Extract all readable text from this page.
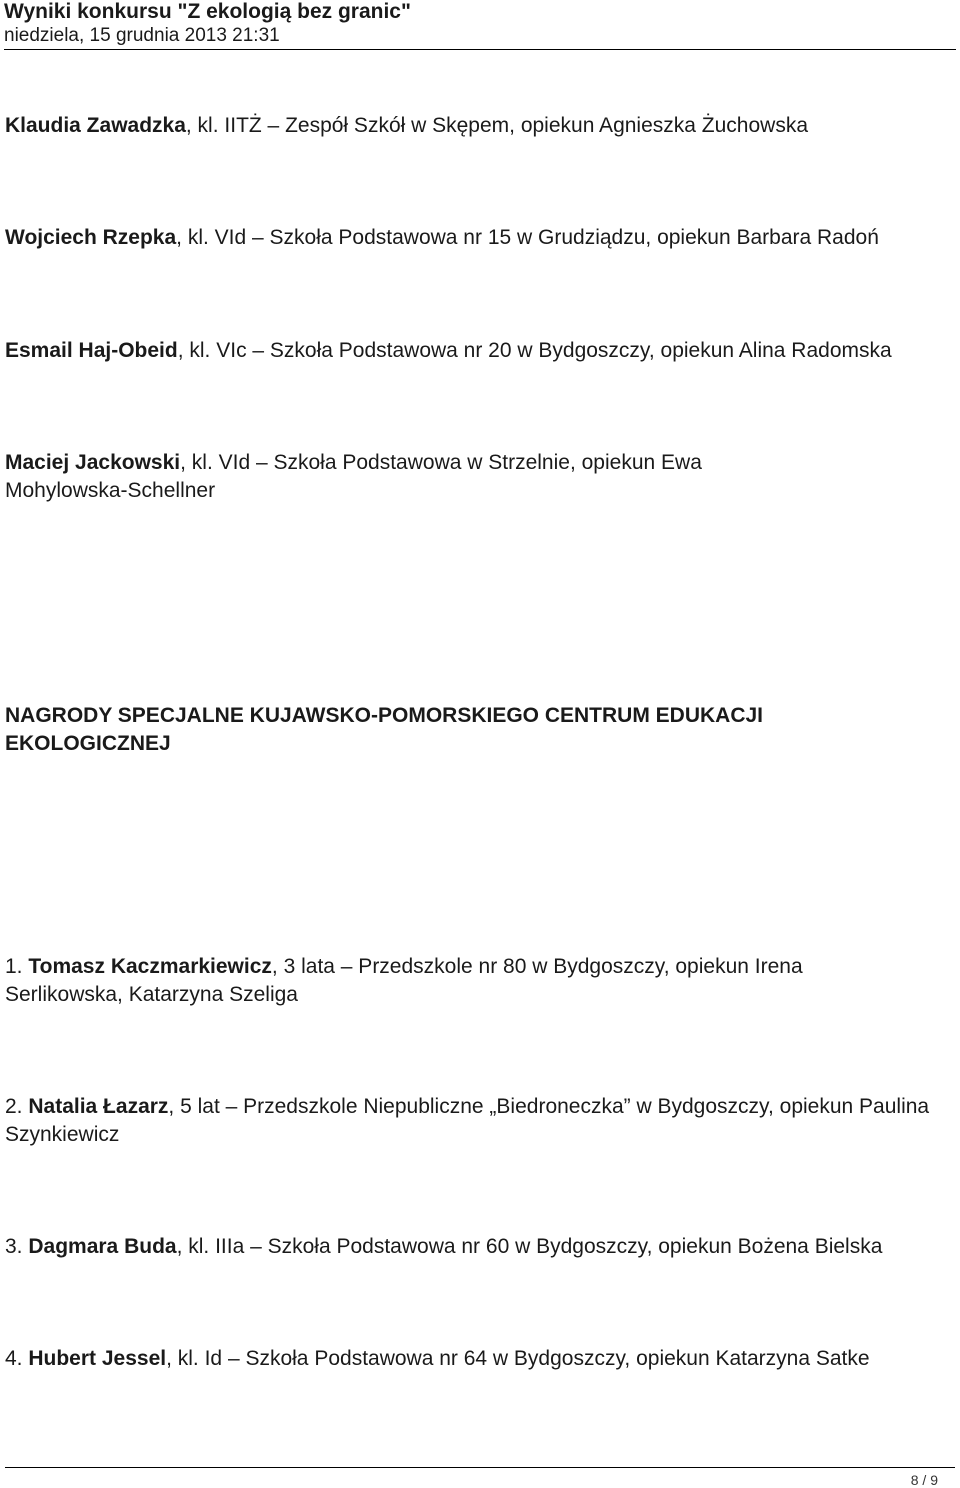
Wyniki konkursu "Z ekologią bez granic"

niedziela, 15 grudnia 2013 21:31

Klaudia Zawadzka, kl. IITŻ – Zespół Szkół w Skępem, opiekun Agnieszka Żuchowska

Wojciech Rzepka, kl. VId – Szkoła Podstawowa nr 15 w Grudziądzu, opiekun Barbara Radoń

Esmail Haj-Obeid, kl. VIc – Szkoła Podstawowa nr 20 w Bydgoszczy, opiekun Alina Radomska

Maciej Jackowski, kl. VId – Szkoła Podstawowa w Strzelnie, opiekun Ewa Mohylowska-Schellner

NAGRODY SPECJALNE KUJAWSKO-POMORSKIEGO CENTRUM EDUKACJI EKOLOGICZNEJ

1. Tomasz Kaczmarkiewicz, 3 lata – Przedszkole nr 80 w Bydgoszczy, opiekun Irena Serlikowska, Katarzyna Szeliga

2. Natalia Łazarz, 5 lat – Przedszkole Niepubliczne „Biedroneczka” w Bydgoszczy, opiekun Paulina Szynkiewicz

3. Dagmara Buda, kl. IIIa – Szkoła Podstawowa nr 60 w Bydgoszczy, opiekun Bożena Bielska

4. Hubert Jessel, kl. Id – Szkoła Podstawowa nr 64 w Bydgoszczy, opiekun Katarzyna Satke

8 / 9
